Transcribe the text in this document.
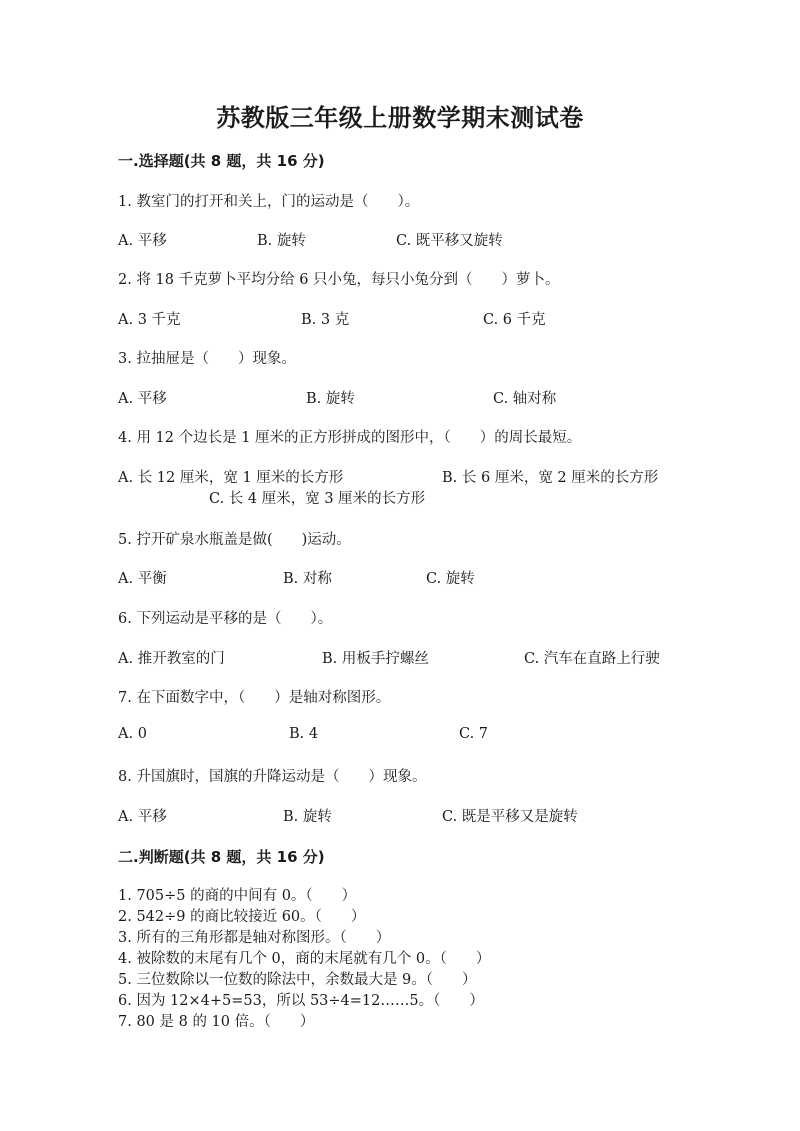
苏教版三年级上册数学期末测试卷
一.选择题(共 8 题，共 16 分)
1. 教室门的打开和关上，门的运动是（　　）。
A. 平移	B. 旋转	C. 既平移又旋转
2. 将 18 千克萝卜平均分给 6 只小兔，每只小兔分到（　　）萝卜。
A. 3 千克	B. 3 克	C. 6 千克
3. 拉抽屉是（　　）现象。
A. 平移	B. 旋转	C. 轴对称
4. 用 12 个边长是 1 厘米的正方形拼成的图形中，（　　）的周长最短。
A. 长 12 厘米，宽 1 厘米的长方形	B. 长 6 厘米，宽 2 厘米的长方形
C. 长 4 厘米，宽 3 厘米的长方形
5. 拧开矿泉水瓶盖是做(　　)运动。
A. 平衡	B. 对称	C. 旋转
6. 下列运动是平移的是（　　）。
A. 推开教室的门	B. 用板手拧螺丝	C. 汽车在直路上行驶
7. 在下面数字中，（　　）是轴对称图形。
A. 0	B. 4	C. 7
8. 升国旗时，国旗的升降运动是（　　）现象。
A. 平移	B. 旋转	C. 既是平移又是旋转
二.判断题(共 8 题，共 16 分)
1. 705÷5 的商的中间有 0。（　　）
2. 542÷9 的商比较接近 60。（　　）
3. 所有的三角形都是轴对称图形。（　　）
4. 被除数的末尾有几个 0，商的末尾就有几个 0。（　　）
5. 三位数除以一位数的除法中，余数最大是 9。（　　）
6. 因为 12×4+5=53，所以 53÷4=12……5。（　　）
7. 80 是 8 的 10 倍。（　　）
